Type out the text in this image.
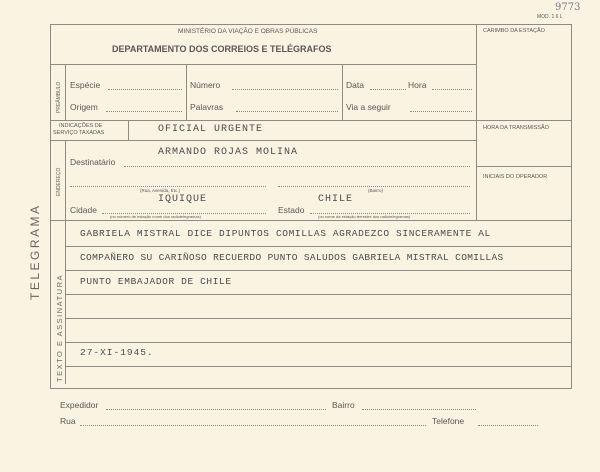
9773
MOD. 1 6 L
MINISTÉRIO DA VIAÇÃO E OBRAS PÚBLICAS
DEPARTAMENTO DOS CORREIOS E TELÉGRAFOS
CARIMBO DA ESTAÇÃO
TELEGRAMA
PREÂMBULO Espécie	Número	Data	Hora
Origem	Palavras	Via a seguir
HORA DA TRANSMISSÃO
INICIAIS DO OPERADOR
INDICAÇÕES DE
SERVIÇO TAXADAS	OFICIAL URGENTE
ENDEREÇO
Destinatário
ARMANDO ROJAS MOLINA
(Rua, Avenida, Etc.)	(Bairro)
Cidade
IQUIQUE
(no número de estação nome dos radiotelegramas)
Estado
CHILE
(ou nome da estação terrestre dos radiotelegramas)
TEXTO E ASSINATURA
GABRIELA MISTRAL DICE DIPUNTOS COMILLAS AGRADEZCO SINCERAMENTE AL
COMPAÑERO SU CARIÑOSO RECUERDO PUNTO SALUDOS GABRIELA MISTRAL COMILLAS
PUNTO EMBAJADOR DE CHILE
27-XI-1945.
Expedidor	Bairro
Rua	Telefone
